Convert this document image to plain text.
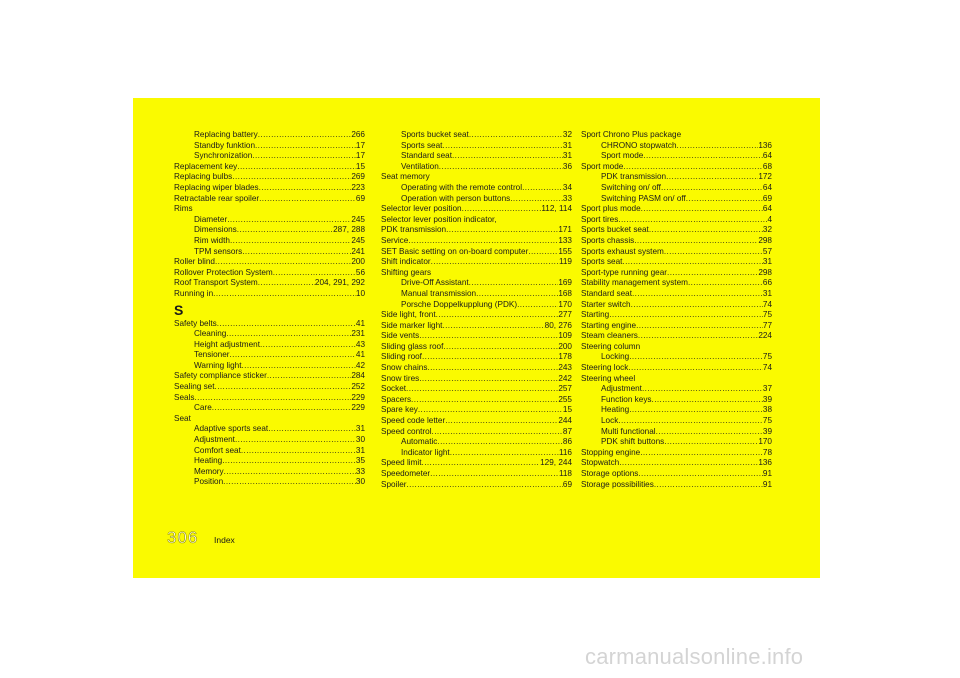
Replacing battery .....	266
Standby funktion .....	17
Synchronization .....	17
Replacement key .....	15
Replacing bulbs .....	269
Replacing wiper blades .....	223
Retractable rear spoiler .....	69
Rims
Diameter .....	245
Dimensions .....	287, 288
Rim width .....	245
TPM sensors .....	241
Roller blind .....	200
Rollover Protection System .....	56
Roof Transport System .....	204, 291, 292
Running in .....	10
S
Safety belts .....	41
Cleaning .....	231
Height adjustment .....	43
Tensioner .....	41
Warning light .....	42
Safety compliance sticker .....	284
Sealing set .....	252
Seals .....	229
Care .....	229
Seat
Adaptive sports seat .....	31
Adjustment .....	30
Comfort seat .....	31
Heating .....	35
Memory .....	33
Position .....	30
Sports bucket seat .....	32
Sports seat .....	31
Standard seat .....	31
Ventilation .....	36
Seat memory
Operating with the remote control .....	34
Operation with person buttons .....	33
Selector lever position .....	112, 114
Selector lever position indicator,
PDK transmission .....	171
Service .....	133
SET Basic setting on on-board computer .....	155
Shift indicator .....	119
Shifting gears
Drive-Off Assistant .....	169
Manual transmission .....	168
Porsche Doppelkupplung (PDK) .....	170
Side light, front .....	277
Side marker light .....	80, 276
Side vents .....	109
Sliding glass roof .....	200
Sliding roof .....	178
Snow chains .....	243
Snow tires .....	242
Socket .....	257
Spacers .....	255
Spare key .....	15
Speed code letter .....	244
Speed control .....	87
Automatic .....	86
Indicator light .....	116
Speed limit .....	129, 244
Speedometer .....	118
Spoiler .....	69
Sport Chrono Plus package
CHRONO stopwatch .....	136
Sport mode .....	64
Sport mode .....	68
PDK transmission .....	172
Switching on/ off .....	64
Switching PASM on/ off .....	69
Sport plus mode .....	64
Sport tires .....	4
Sports bucket seat .....	32
Sports chassis .....	298
Sports exhaust system .....	57
Sports seat .....	31
Sport-type running gear .....	298
Stability management system .....	66
Standard seat .....	31
Starter switch .....	74
Starting .....	75
Starting engine .....	77
Steam cleaners .....	224
Steering column
Locking .....	75
Steering lock .....	74
Steering wheel
Adjustment .....	37
Function keys .....	39
Heating .....	38
Lock .....	75
Multi functional .....	39
PDK shift buttons .....	170
Stopping engine .....	78
Stopwatch .....	136
Storage options .....	91
Storage possibilities .....	91
306 Index
carmanualsonline.info
